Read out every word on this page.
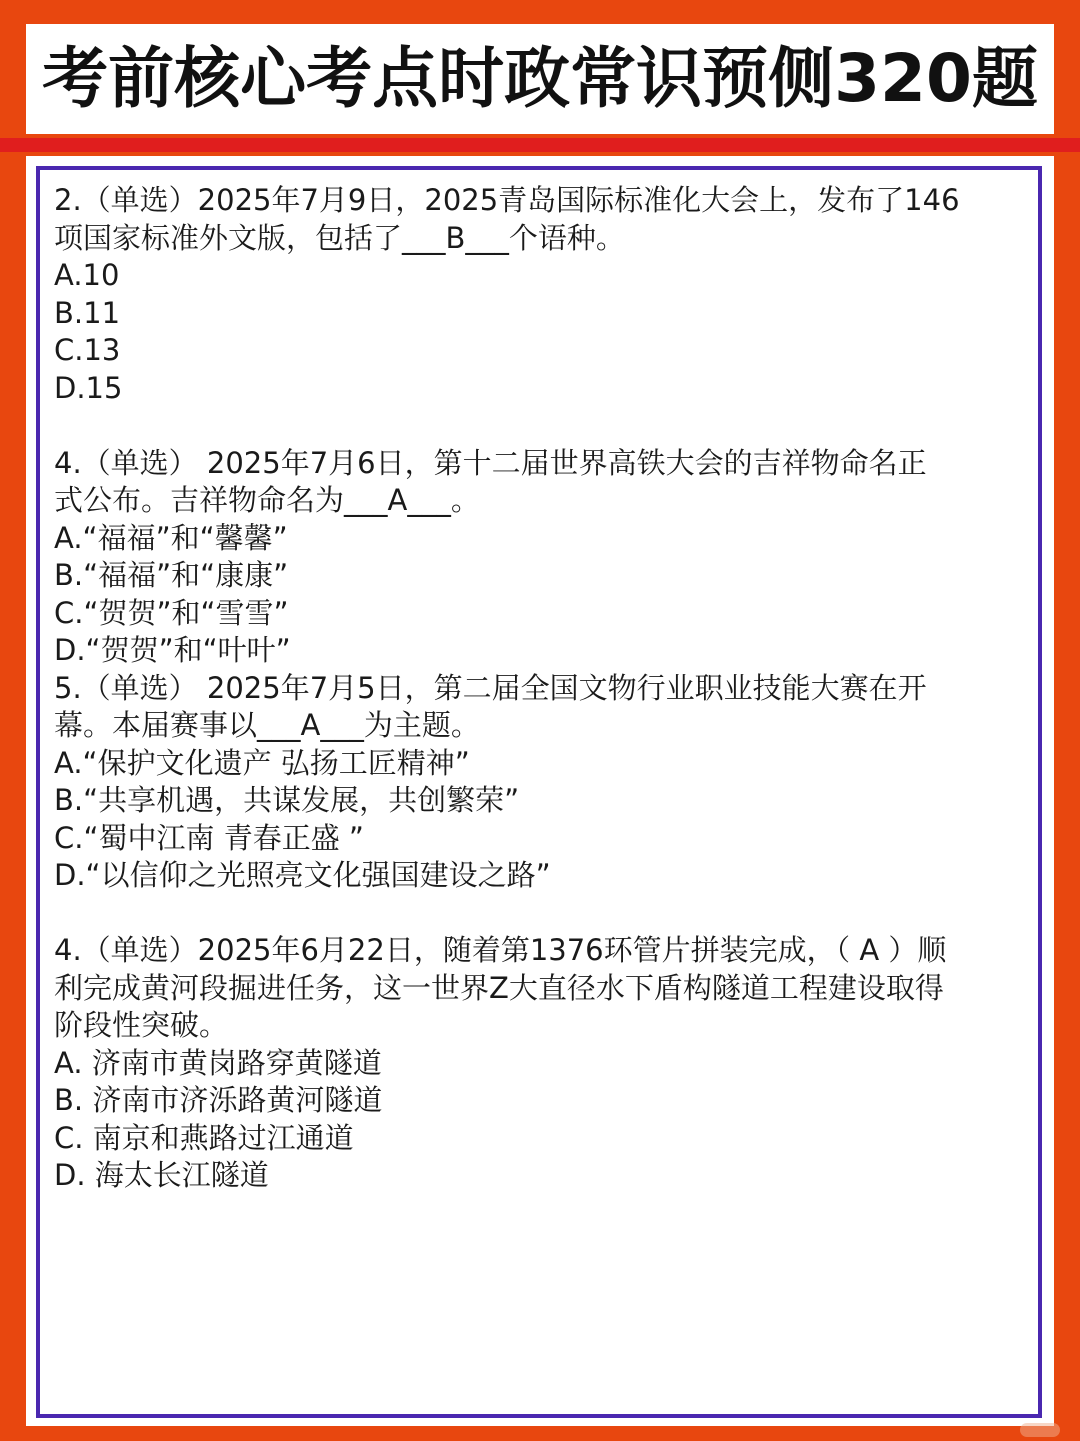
考前核心考点时政常识预侧320题
2.（单选）2025年7月9日，2025青岛国际标准化大会上，发布了146
项国家标准外文版，包括了___B___个语种。
A.10
B.11
C.13
D.15
4.（单选） 2025年7月6日，第十二届世界高铁大会的吉祥物命名正
式公布。吉祥物命名为___A___。
A.“福福”和“馨馨”
B.“福福”和“康康”
C.“贺贺”和“雪雪”
D.“贺贺”和“叶叶”
5.（单选） 2025年7月5日，第二届全国文物行业职业技能大赛在开
幕。本届赛事以___A___为主题。
A.“保护文化遗产 弘扬工匠精神”
B.“共享机遇，共谋发展，共创繁荣”
C.“蜀中江南 青春正盛 ”
D.“以信仰之光照亮文化强国建设之路”
4.（单选）2025年6月22日，随着第1376环管片拼装完成，（ A ）顺
利完成黄河段掘进任务，这一世界Z大直径水下盾构隧道工程建设取得
阶段性突破。
A. 济南市黄岗路穿黄隧道
B. 济南市济泺路黄河隧道
C. 南京和燕路过江通道
D. 海太长江隧道
